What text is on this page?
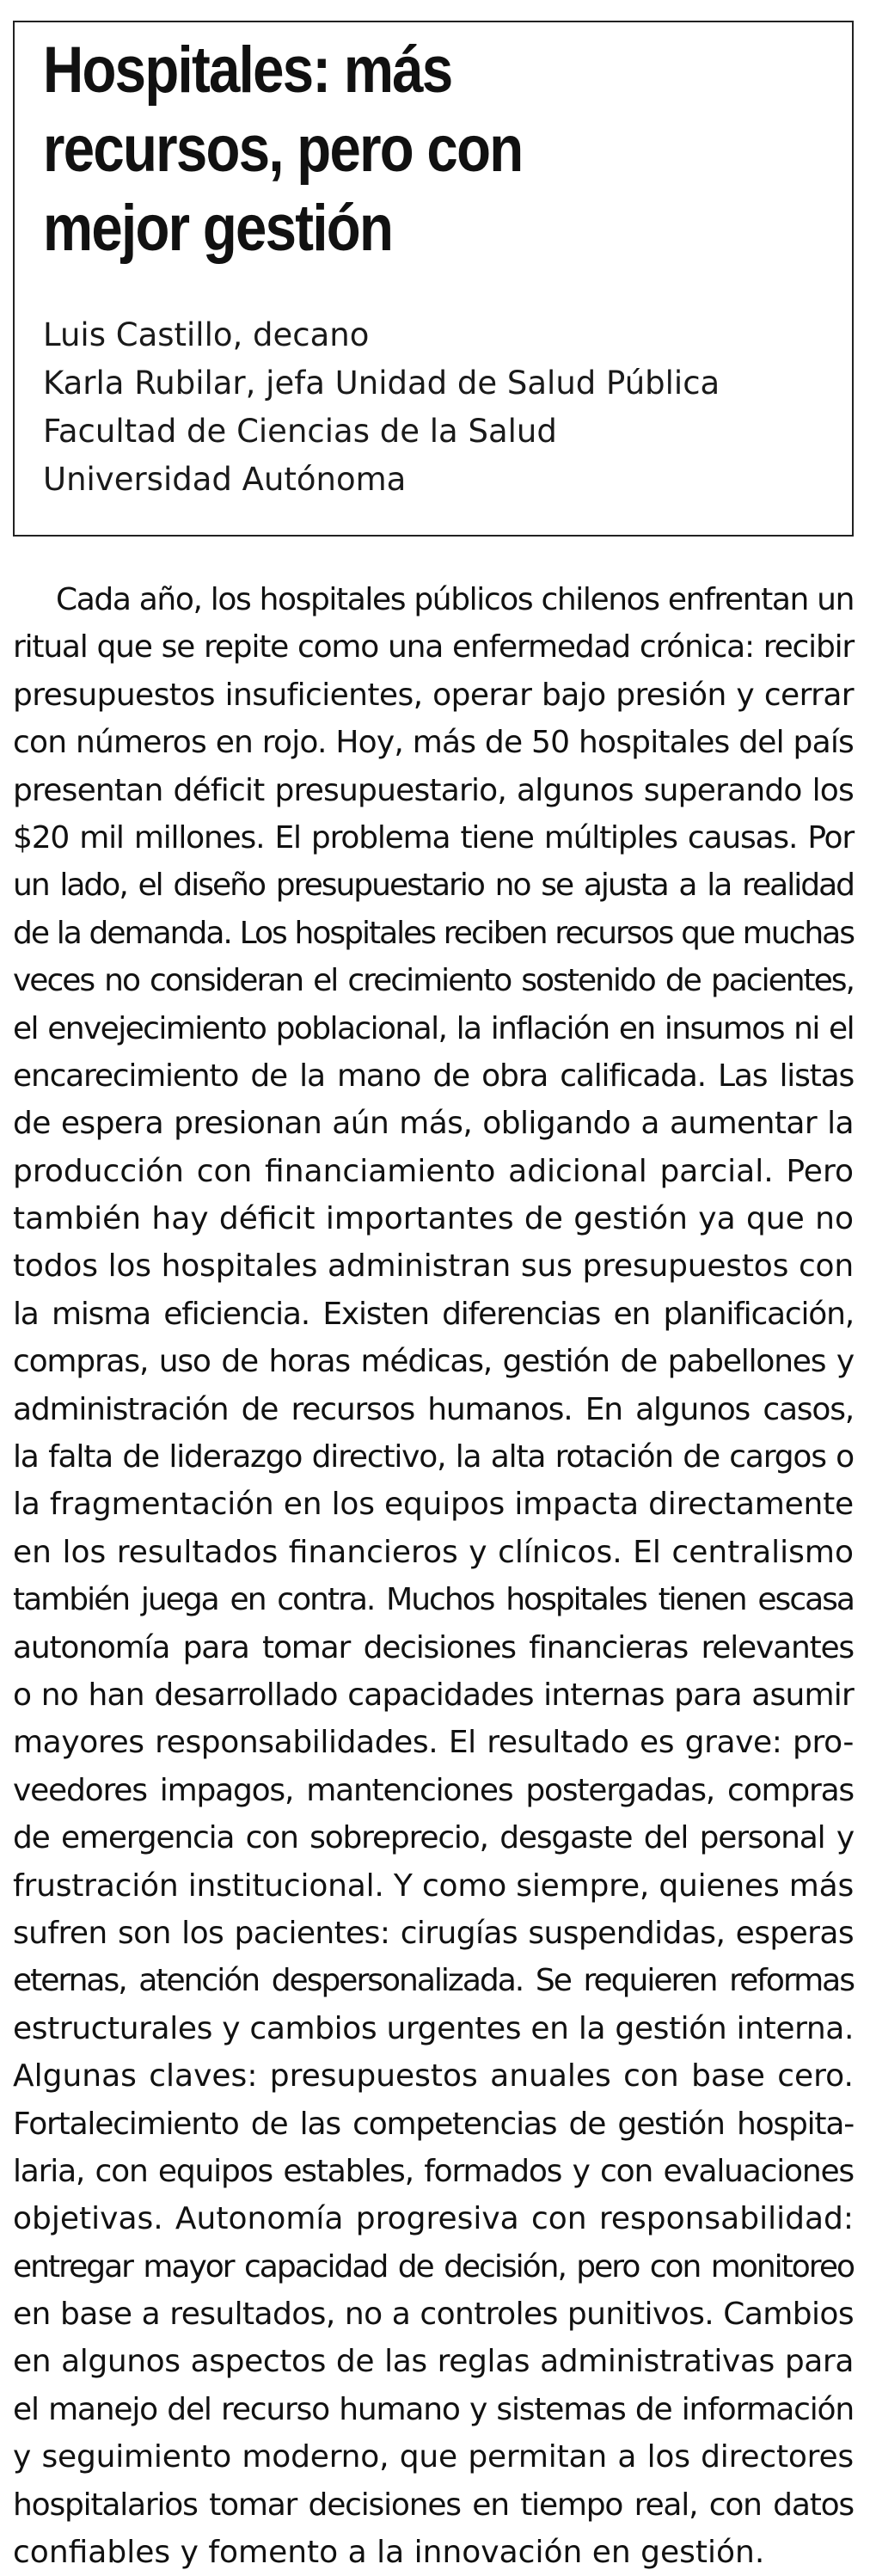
Hospitales: más
recursos, pero con
mejor gestión
Luis Castillo, decano
Karla Rubilar, jefa Unidad de Salud Pública
Facultad de Ciencias de la Salud
Universidad Autónoma
Cada año, los hospitales públicos chilenos enfrentan un
ritual que se repite como una enfermedad crónica: recibir
presupuestos insuficientes, operar bajo presión y cerrar
con números en rojo. Hoy, más de 50 hospitales del país
presentan déficit presupuestario, algunos superando los
$20 mil millones. El problema tiene múltiples causas. Por
un lado, el diseño presupuestario no se ajusta a la realidad
de la demanda. Los hospitales reciben recursos que muchas
veces no consideran el crecimiento sostenido de pacientes,
el envejecimiento poblacional, la inflación en insumos ni el
encarecimiento de la mano de obra calificada. Las listas
de espera presionan aún más, obligando a aumentar la
producción con financiamiento adicional parcial. Pero
también hay déficit importantes de gestión ya que no
todos los hospitales administran sus presupuestos con
la misma eficiencia. Existen diferencias en planificación,
compras, uso de horas médicas, gestión de pabellones y
administración de recursos humanos. En algunos casos,
la falta de liderazgo directivo, la alta rotación de cargos o
la fragmentación en los equipos impacta directamente
en los resultados financieros y clínicos. El centralismo
también juega en contra. Muchos hospitales tienen escasa
autonomía para tomar decisiones financieras relevantes
o no han desarrollado capacidades internas para asumir
mayores responsabilidades. El resultado es grave: pro-
veedores impagos, mantenciones postergadas, compras
de emergencia con sobreprecio, desgaste del personal y
frustración institucional. Y como siempre, quienes más
sufren son los pacientes: cirugías suspendidas, esperas
eternas, atención despersonalizada. Se requieren reformas
estructurales y cambios urgentes en la gestión interna.
Algunas claves: presupuestos anuales con base cero.
Fortalecimiento de las competencias de gestión hospita-
laria, con equipos estables, formados y con evaluaciones
objetivas. Autonomía progresiva con responsabilidad:
entregar mayor capacidad de decisión, pero con monitoreo
en base a resultados, no a controles punitivos. Cambios
en algunos aspectos de las reglas administrativas para
el manejo del recurso humano y sistemas de información
y seguimiento moderno, que permitan a los directores
hospitalarios tomar decisiones en tiempo real, con datos
confiables y fomento a la innovación en gestión.
